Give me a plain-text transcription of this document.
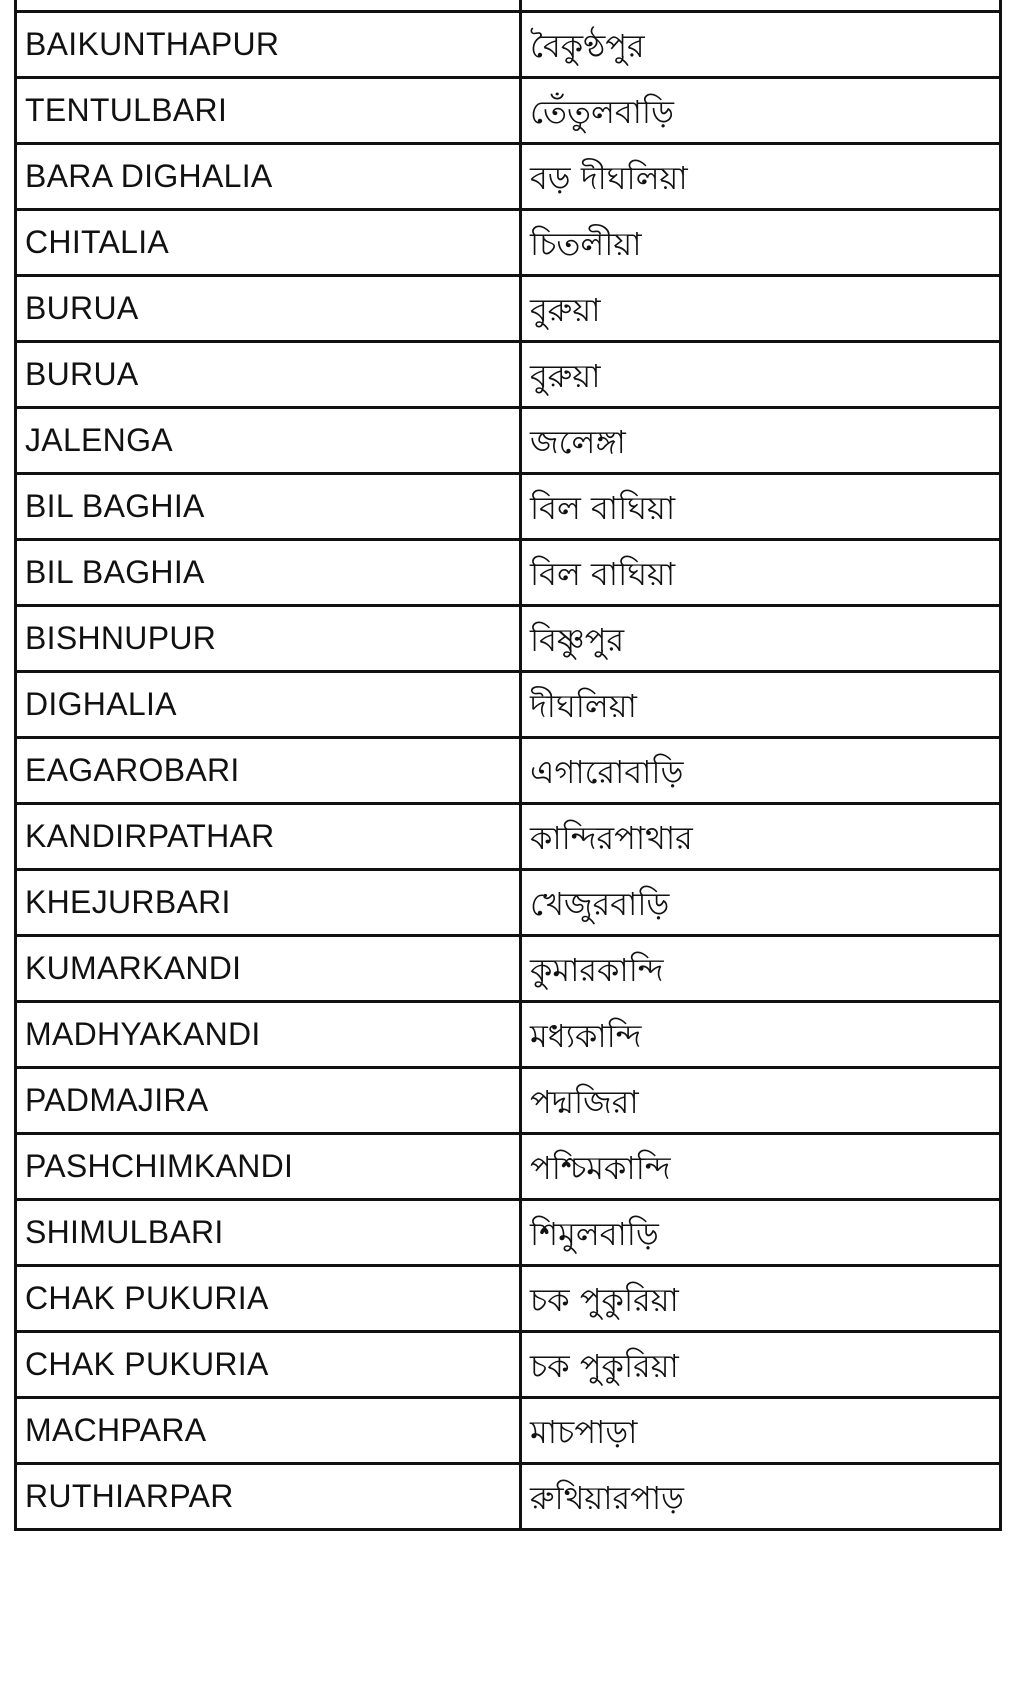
BAIKUNTHAPUR	বৈকুণ্ঠপুর
TENTULBARI	তেঁতুলবাড়ি
BARA DIGHALIA	বড় দীঘলিয়া
CHITALIA	চিতলীয়া
BURUA	বুরুয়া
BURUA	বুরুয়া
JALENGA	জলেঙ্গা
BIL BAGHIA	বিল বাঘিয়া
BIL BAGHIA	বিল বাঘিয়া
BISHNUPUR	বিষ্ণুপুর
DIGHALIA	দীঘলিয়া
EAGAROBARI	এগারোবাড়ি
KANDIRPATHAR	কান্দিরপাথার
KHEJURBARI	খেজুরবাড়ি
KUMARKANDI	কুমারকান্দি
MADHYAKANDI	মধ্যকান্দি
PADMAJIRA	পদ্মজিরা
PASHCHIMKANDI	পশ্চিমকান্দি
SHIMULBARI	শিমুলবাড়ি
CHAK PUKURIA	চক পুকুরিয়া
CHAK PUKURIA	চক পুকুরিয়া
MACHPARA	মাচপাড়া
RUTHIARPAR	রুথিয়ারপাড়
